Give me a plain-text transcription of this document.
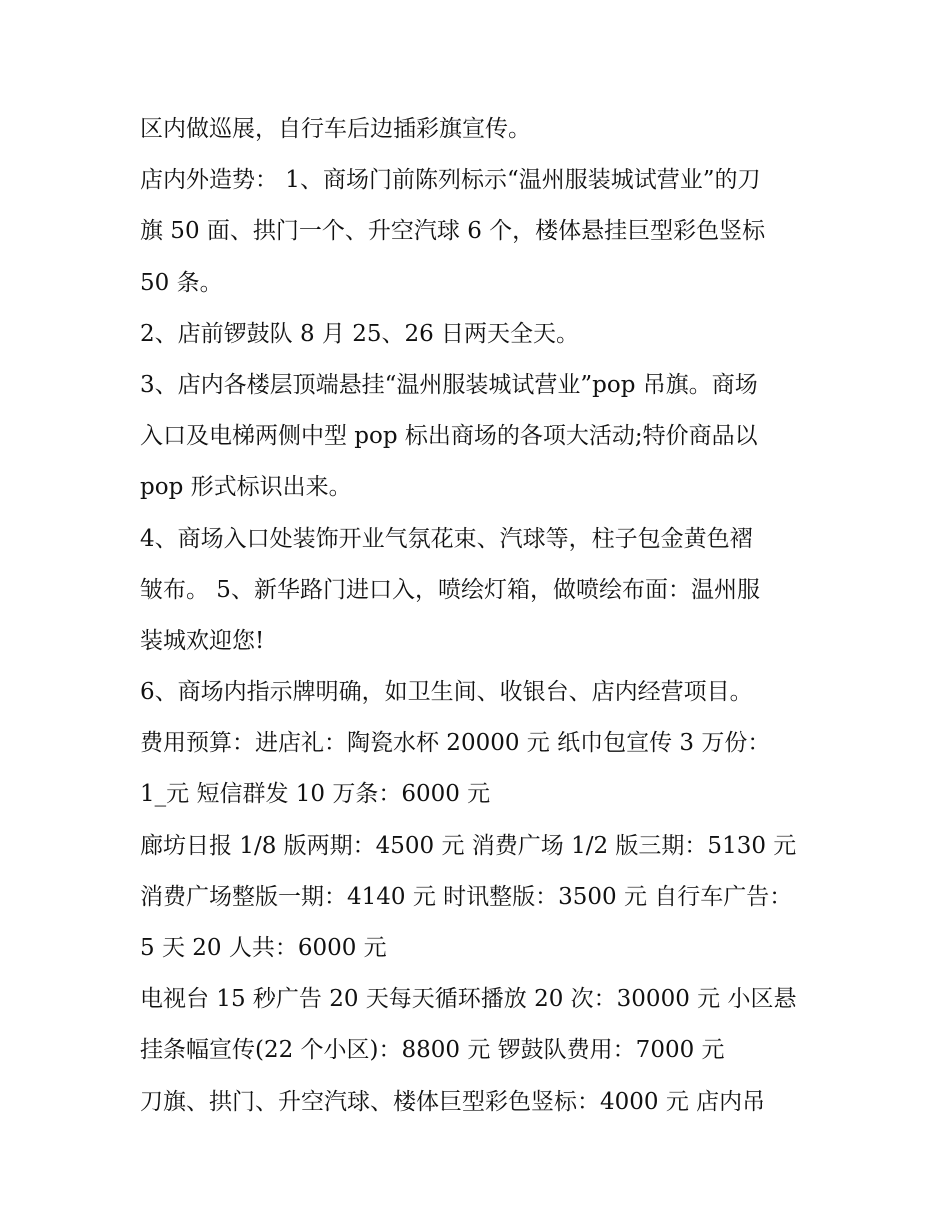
区内做巡展，自行车后边插彩旗宣传。
店内外造势： 1、商场门前陈列标示“温州服装城试营业”的刀
旗 50 面、拱门一个、升空汽球 6 个，楼体悬挂巨型彩色竖标
50 条。
2、店前锣鼓队 8 月 25、26 日两天全天。
3、店内各楼层顶端悬挂“温州服装城试营业”pop 吊旗。商场
入口及电梯两侧中型 pop 标出商场的各项大活动;特价商品以
pop 形式标识出来。
4、商场入口处装饰开业气氛花束、汽球等，柱子包金黄色褶
皱布。 5、新华路门进口入，喷绘灯箱，做喷绘布面：温州服
装城欢迎您!
6、商场内指示牌明确，如卫生间、收银台、店内经营项目。
费用预算：进店礼：陶瓷水杯 20000 元 纸巾包宣传 3 万份：
1_元 短信群发 10 万条：6000 元
廊坊日报 1/8 版两期：4500 元 消费广场 1/2 版三期：5130 元
消费广场整版一期：4140 元 时讯整版：3500 元 自行车广告：
5 天 20 人共：6000 元
电视台 15 秒广告 20 天每天循环播放 20 次：30000 元 小区悬
挂条幅宣传(22 个小区)：8800 元 锣鼓队费用：7000 元
刀旗、拱门、升空汽球、楼体巨型彩色竖标：4000 元 店内吊
